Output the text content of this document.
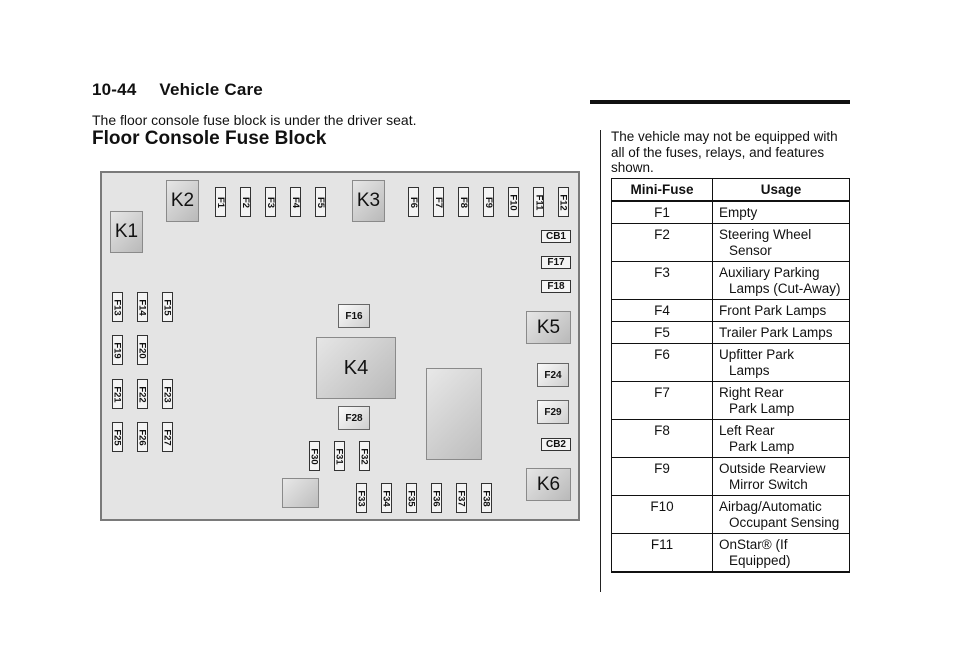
10-44 Vehicle Care
The floor console fuse block is under the driver seat.
Floor Console Fuse Block	The vehicle may not be equipped with all of the fuses, relays, and features shown.
Mini-Fuse	Usage
F1	Empty

F2	Steering Wheel
Sensor

F3	Auxiliary Parking
Lamps (Cut-Away)

F4	Front Park Lamps

F5	Trailer Park Lamps

F6	Upfitter Park
Lamps

F7	Right Rear
Park Lamp

F8	Left Rear
Park Lamp

F9	Outside Rearview
Mirror Switch

F10	Airbag/Automatic
Occupant Sensing

F11	OnStar® (If
Equipped)
K1
K2	K3
K4
K5
K6
F1 F2 F3 F4 F5	F6 F7 F8 F9 F10 F11 F12
CB1
F17
F18
CB2
F16
F24
F28
F29
F13 F14 F15
F19 F20
F21 F22 F23
F25 F26 F27
F30 F31 F32
F33 F34 F35 F36 F37 F38
